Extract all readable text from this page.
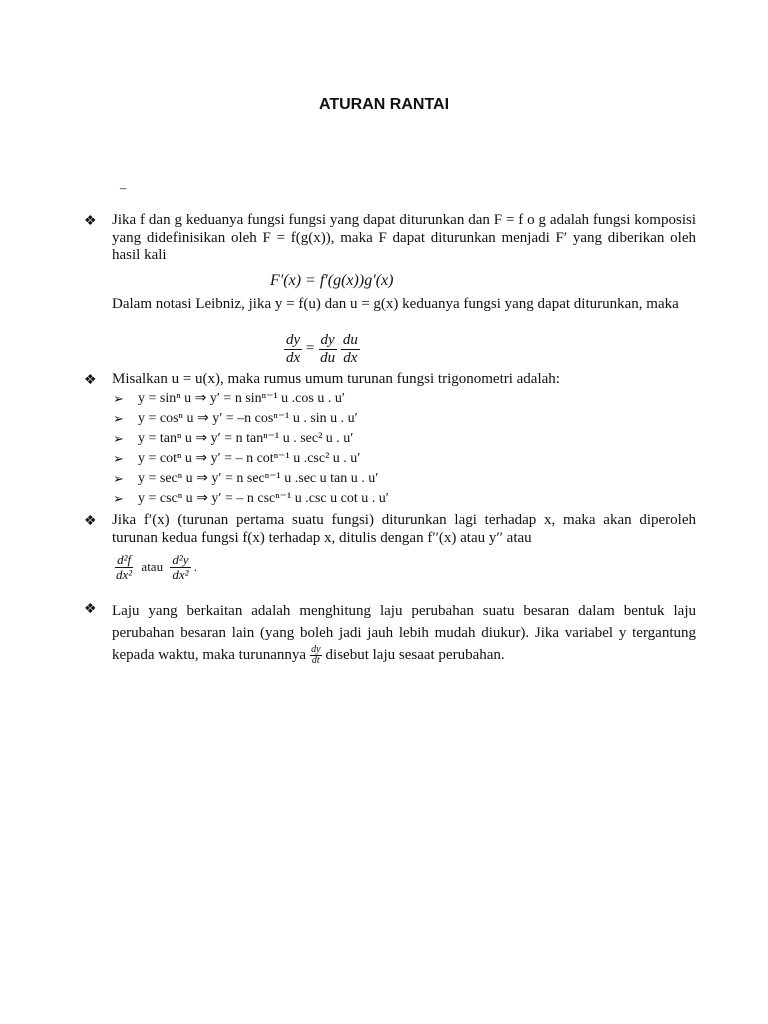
ATURAN RANTAI
–
❖ Jika f dan g keduanya fungsi fungsi yang dapat diturunkan dan F = f o g adalah fungsi komposisi yang didefinisikan oleh F = f(g(x)), maka F dapat diturunkan menjadi F′ yang diberikan oleh hasil kali
F′(x) = f′(g(x))g′(x)
Dalam notasi Leibniz, jika y = f(u) dan u = g(x) keduanya fungsi yang dapat diturunkan, maka
$\frac{dy}{dx} = \frac{dy}{du}$
$\frac{du}{dx}$
❖ Misalkan u = u(x), maka rumus umum turunan fungsi trigonometri adalah:
➢ y = sinⁿ u ⇒ y′ = n sinⁿ⁻¹ u .cos u . u′
➢ y = cosⁿ u ⇒ y′ = –n cosⁿ⁻¹ u . sin u . u′
➢ y = tanⁿ u ⇒ y′ = n tanⁿ⁻¹ u . sec² u . u′
➢ y = cotⁿ u ⇒ y′ = – n cotⁿ⁻¹ u .csc² u . u′
➢ y = secⁿ u ⇒ y′ = n secⁿ⁻¹ u .sec u tan u . u′
➢ y = cscⁿ u ⇒ y′ = – n cscⁿ⁻¹ u .csc u cot u . u′
❖ Jika f′(x) (turunan pertama suatu fungsi) diturunkan lagi terhadap x, maka akan diperoleh turunan kedua fungsi f(x) terhadap x, ditulis dengan f′′(x) atau y′′ atau
$\frac{\text{d²f}}{\text{dx²}}$ atau $\frac{\text{d²y}}{\text{dx²}}$ .
❖ Laju yang berkaitan adalah menghitung laju perubahan suatu besaran dalam bentuk laju perubahan besaran lain (yang boleh jadi jauh lebih mudah diukur). Jika variabel y tergantung kepada waktu, maka turunannya $\frac{dy}{dt}$ disebut laju sesaat perubahan.
